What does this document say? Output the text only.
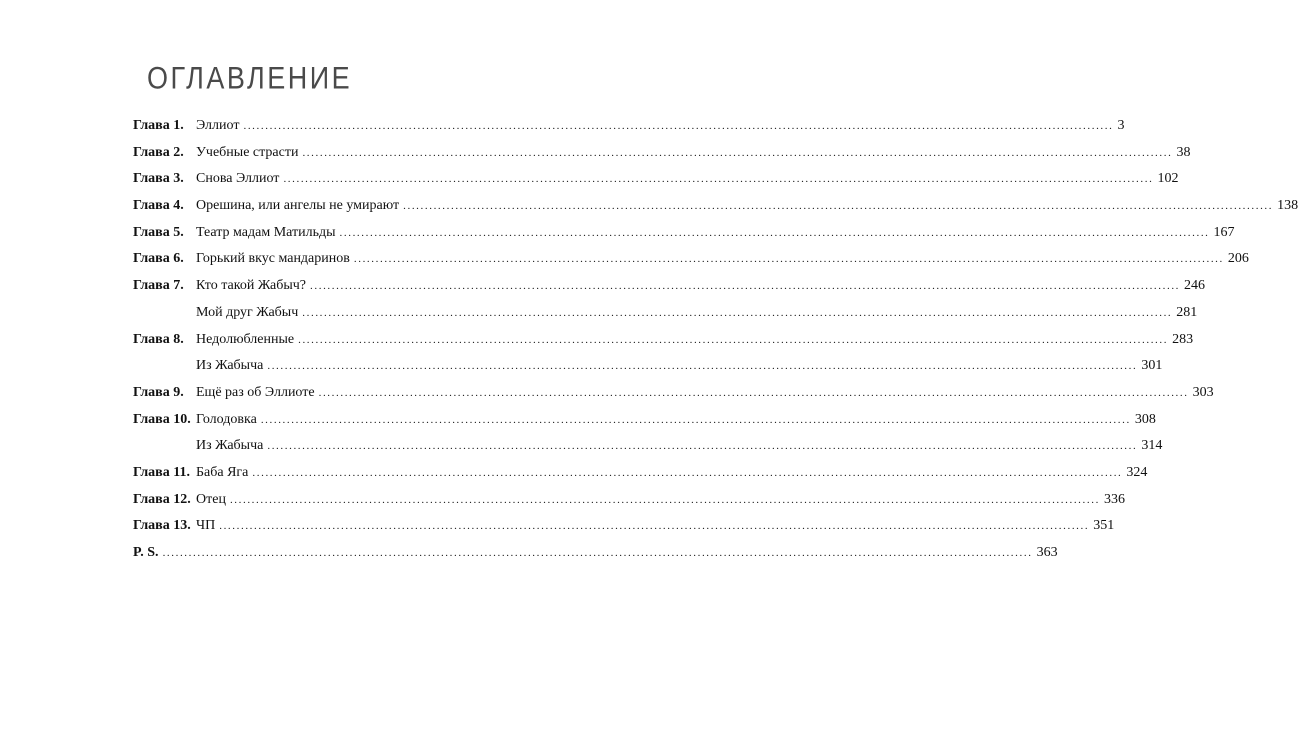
ОГЛАВЛЕНИЕ
Глава 1. Эллиот ........................................................................................................................................................................................................ 3
Глава 2. Учебные страсти ........................................................................................................................................................................................................ 38
Глава 3. Снова Эллиот ........................................................................................................................................................................................................ 102
Глава 4. Орешина, или ангелы не умирают ........................................................................................................................................................................................................ 138
Глава 5. Театр мадам Матильды ........................................................................................................................................................................................................ 167
Глава 6. Горький вкус мандаринов ........................................................................................................................................................................................................ 206
Глава 7. Кто такой Жабыч? ........................................................................................................................................................................................................ 246
Мой друг Жабыч ........................................................................................................................................................................................................ 281
Глава 8. Недолюбленные ........................................................................................................................................................................................................ 283
Из Жабыча ........................................................................................................................................................................................................ 301
Глава 9. Ещё раз об Эллиоте ........................................................................................................................................................................................................ 303
Глава 10. Голодовка ........................................................................................................................................................................................................ 308
Из Жабыча ........................................................................................................................................................................................................ 314
Глава 11. Баба Яга ........................................................................................................................................................................................................ 324
Глава 12. Отец ........................................................................................................................................................................................................ 336
Глава 13. ЧП ........................................................................................................................................................................................................ 351
P. S. ........................................................................................................................................................................................................ 363
